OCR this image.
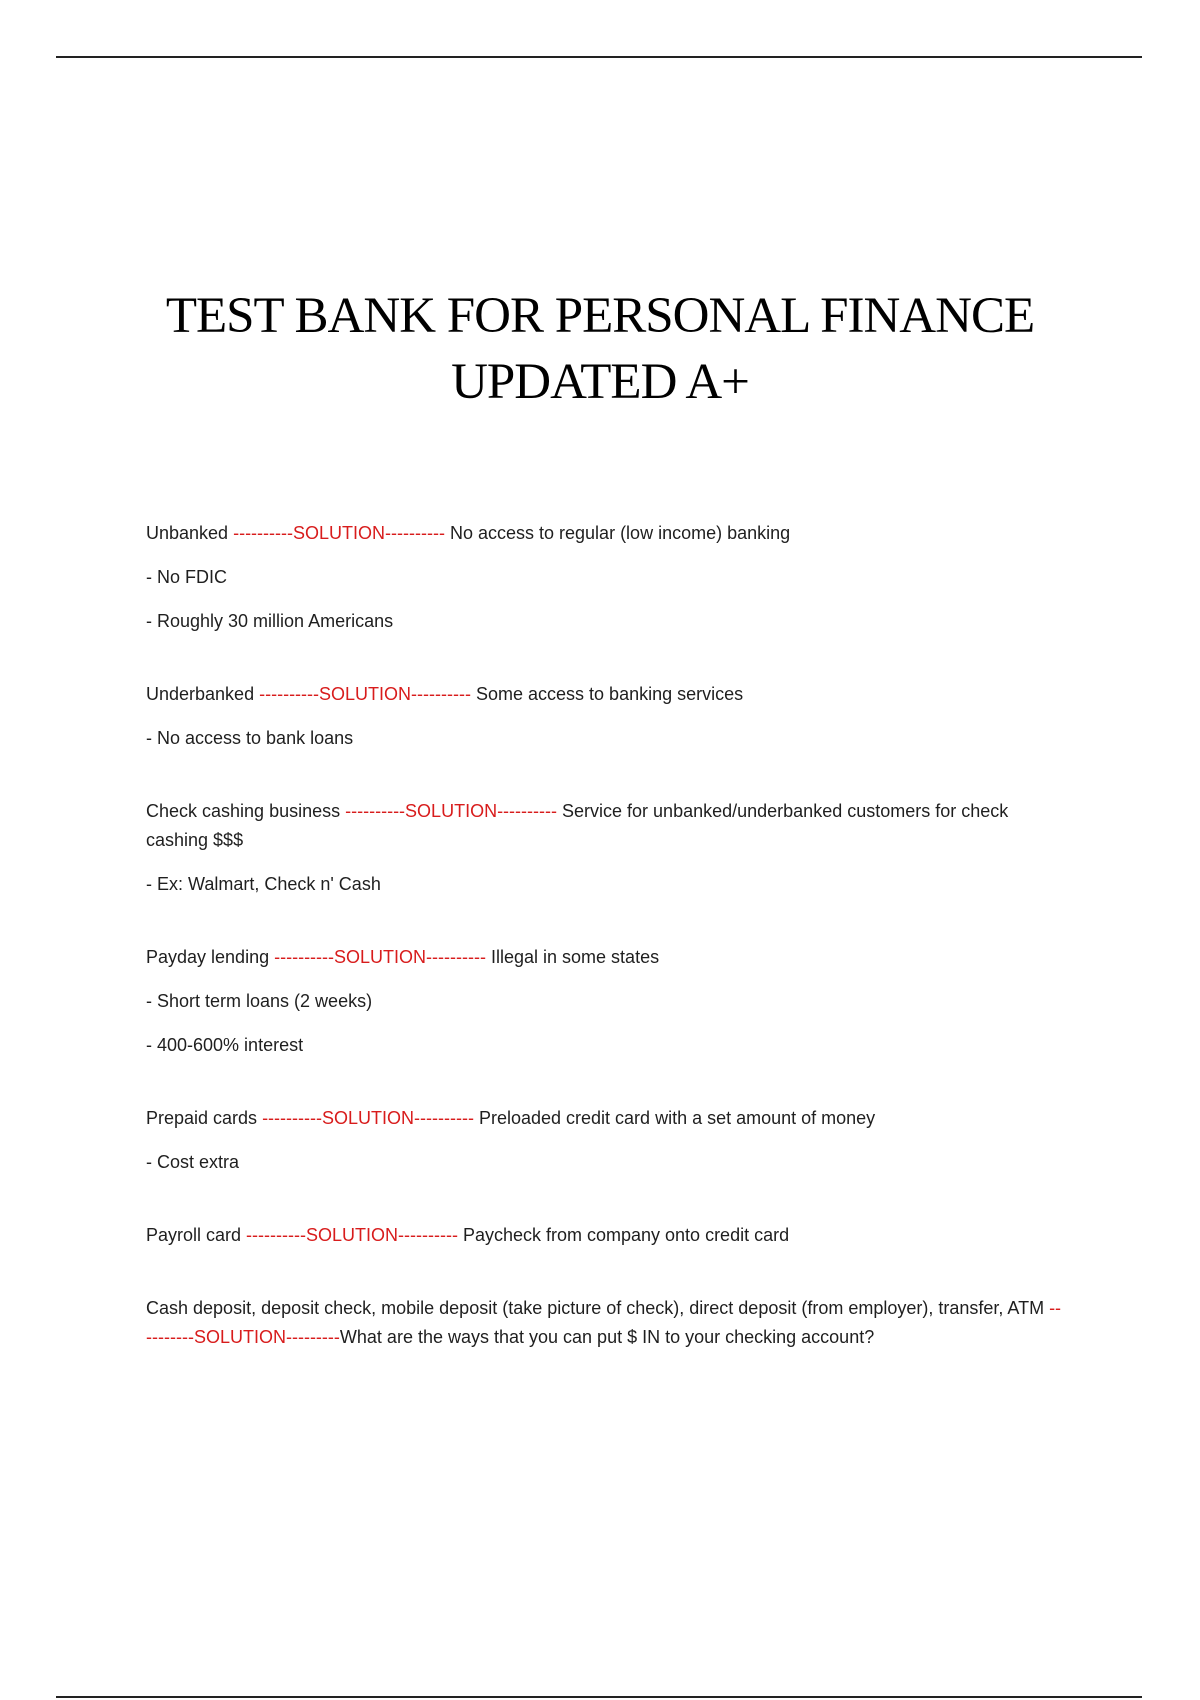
TEST BANK FOR PERSONAL FINANCE
UPDATED A+

Unbanked ----------SOLUTION---------- No access to regular (low income) banking

- No FDIC

- Roughly 30 million Americans

Underbanked ----------SOLUTION---------- Some access to banking services

- No access to bank loans

Check cashing business ----------SOLUTION---------- Service for unbanked/underbanked customers for check cashing $$$

- Ex: Walmart, Check n' Cash

Payday lending ----------SOLUTION---------- Illegal in some states

- Short term loans (2 weeks)

- 400-600% interest

Prepaid cards ----------SOLUTION---------- Preloaded credit card with a set amount of money

- Cost extra

Payroll card ----------SOLUTION---------- Paycheck from company onto credit card

Cash deposit, deposit check, mobile deposit (take picture of check), direct deposit (from employer), transfer, ATM ----------SOLUTION---------What are the ways that you can put $ IN to your checking account?
